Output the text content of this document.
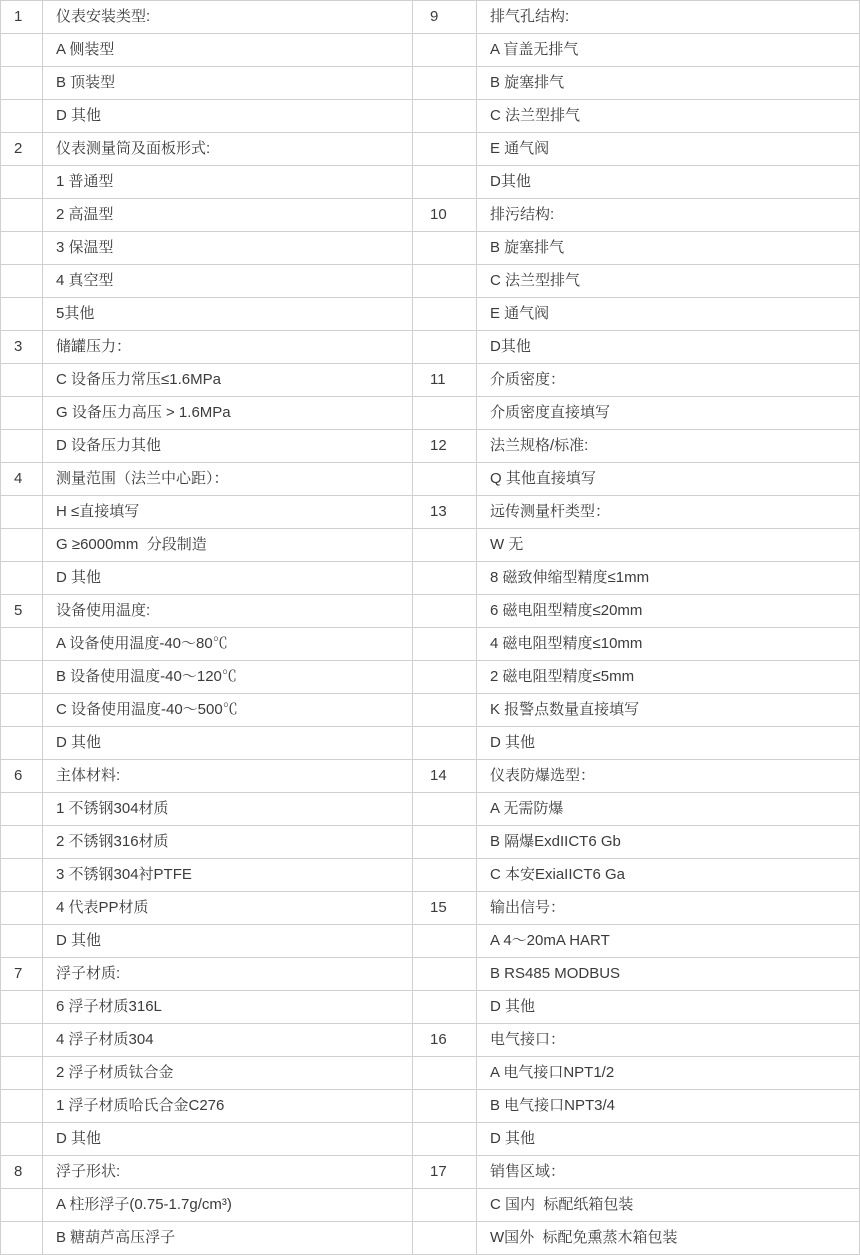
1	仪表安装类型:	9	排气孔结构:
A 侧装型	A 盲盖无排气
B 顶装型	B 旋塞排气
D 其他	C 法兰型排气
2	仪表测量筒及面板形式:	E 通气阀
1 普通型	D其他
2 高温型	10	排污结构:
3 保温型	B 旋塞排气
4 真空型	C 法兰型排气
5其他	E 通气阀
3	储罐压力：	D其他
C 设备压力常压≤1.6MPa	11	介质密度：
G 设备压力高压 > 1.6MPa	介质密度直接填写
D 设备压力其他	12	法兰规格/标准:
4	测量范围（法兰中心距）：	Q 其他直接填写
H ≤直接填写	13	远传测量杆类型：
G ≥6000mm  分段制造	W 无
D 其他	8 磁致伸缩型精度≤1mm
5	设备使用温度:	6 磁电阻型精度≤20mm
A 设备使用温度-40～80℃	4 磁电阻型精度≤10mm
B 设备使用温度-40～120℃	2 磁电阻型精度≤5mm
C 设备使用温度-40～500℃	K 报警点数量直接填写
D 其他	D 其他
6	主体材料:	14	仪表防爆选型：
1 不锈钢304材质	A 无需防爆
2 不锈钢316材质	B 隔爆ExdIICT6 Gb
3 不锈钢304衬PTFE	C 本安ExiaIICT6 Ga
4 代表PP材质	15	输出信号：
D 其他	A 4～20mA HART
7	浮子材质:	B RS485 MODBUS
6 浮子材质316L	D 其他
4 浮子材质304	16	电气接口：
2 浮子材质钛合金	A 电气接口NPT1/2
1 浮子材质哈氏合金C276	B 电气接口NPT3/4
D 其他	D 其他
8	浮子形状:	17	销售区域：
A 柱形浮子(0.75-1.7g/cm³)	C 国内  标配纸箱包装
B 糖葫芦高压浮子	W国外  标配免熏蒸木箱包装
